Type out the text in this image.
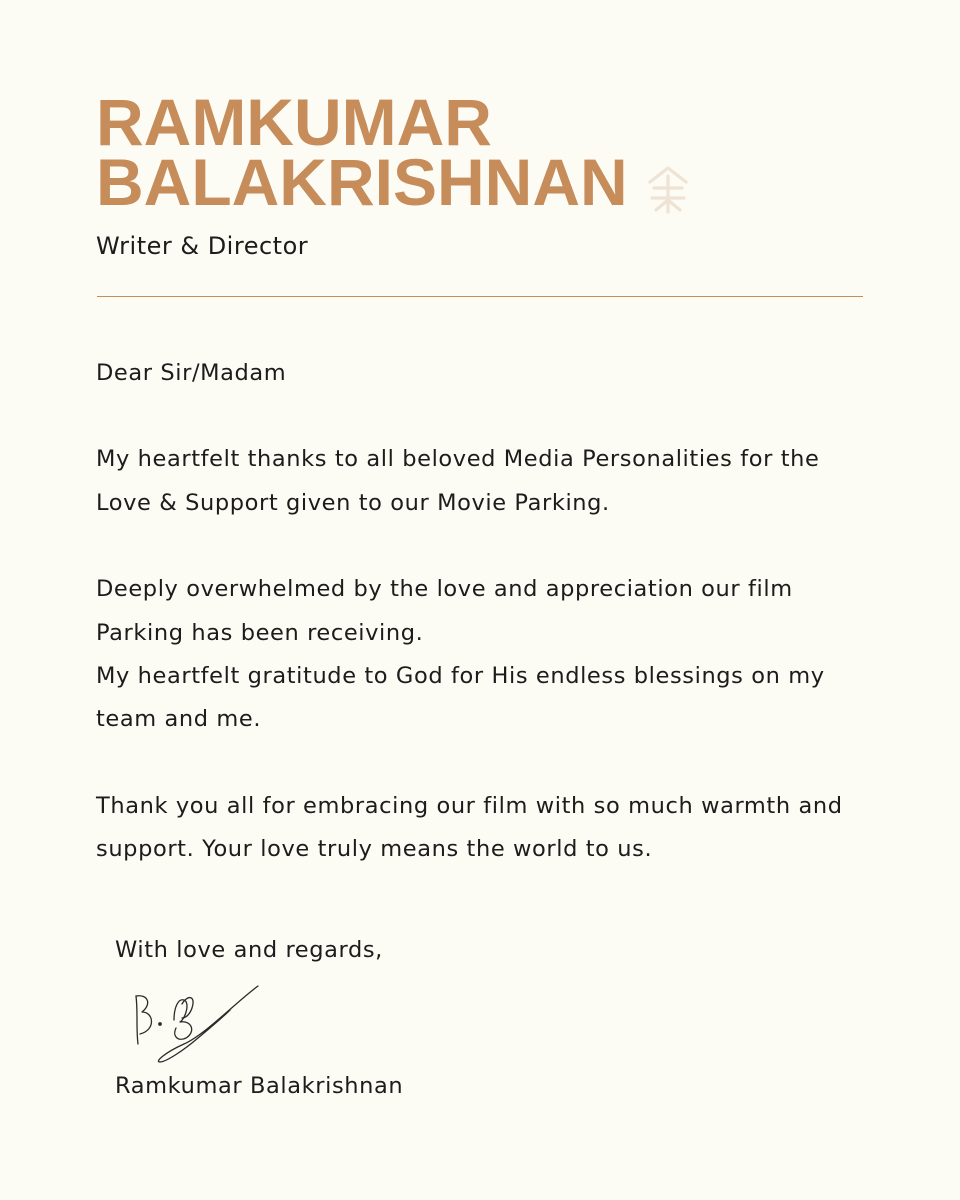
RAMKUMAR
BALAKRISHNAN
Writer & Director

Dear Sir/Madam

My heartfelt thanks to all beloved Media Personalities for the Love & Support given to our Movie Parking.

Deeply overwhelmed by the love and appreciation our film Parking has been receiving.

My heartfelt gratitude to God for His endless blessings on my team and me.

Thank you all for embracing our film with so much warmth and support. Your love truly means the world to us.

With love and regards,
Ramkumar Balakrishnan
